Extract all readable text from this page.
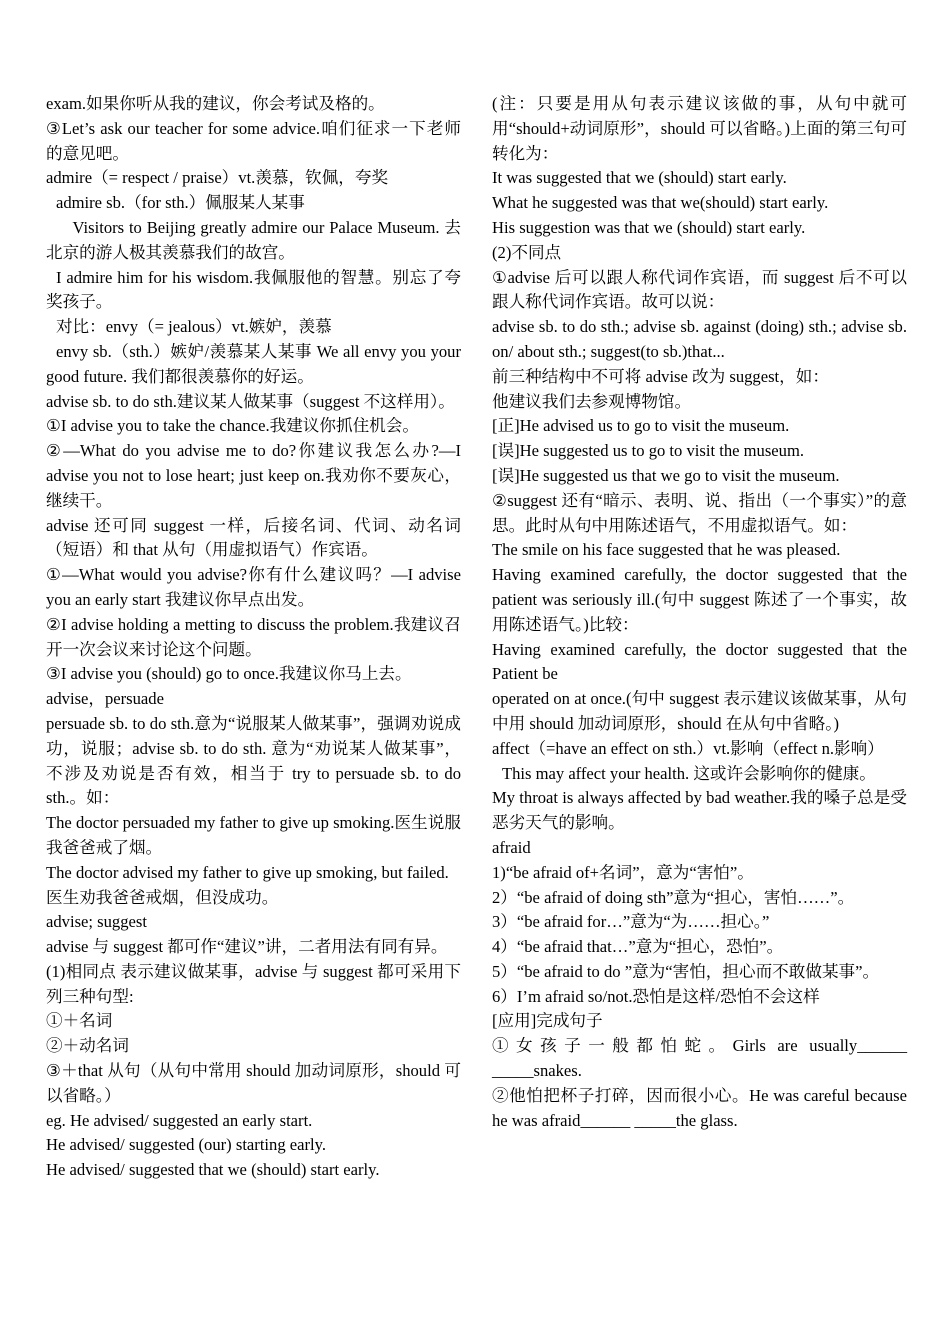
exam.如果你听从我的建议，你会考试及格的。

③Let’s ask our teacher for some advice.咱们征求一下老师的意见吧。

admire（= respect / praise）vt.羡慕，钦佩，夸奖

admire sb.（for sth.）佩服某人某事

Visitors to Beijing greatly admire our Palace Museum. 去北京的游人极其羡慕我们的故宫。

I admire him for his wisdom.我佩服他的智慧。别忘了夸奖孩子。

对比：envy（= jealous）vt.嫉妒，羡慕

envy sb.（sth.）嫉妒/羡慕某人某事 We all envy you your good future. 我们都很羡慕你的好运。

advise sb. to do sth.建议某人做某事（suggest 不这样用）。

①I advise you to take the chance.我建议你抓住机会。

②—What do you advise me to do?你建议我怎么办?—I advise you not to lose heart; just keep on.我劝你不要灰心，继续干。

advise 还可同 suggest 一样，后接名词、代词、动名词（短语）和 that 从句（用虚拟语气）作宾语。

①—What would you advise?你有什么建议吗？—I advise you an early start 我建议你早点出发。

②I advise holding a metting to discuss the problem.我建议召开一次会议来讨论这个问题。

③I advise you (should) go to once.我建议你马上去。

advise，persuade

persuade sb. to do sth.意为“说服某人做某事”，强调劝说成功，说服；advise sb. to do sth. 意为“劝说某人做某事”，不涉及劝说是否有效，相当于 try to persuade sb. to do sth.。如：

The doctor persuaded my father to give up smoking.医生说服我爸爸戒了烟。

The doctor advised my father to give up smoking, but failed.

医生劝我爸爸戒烟，但没成功。

advise; suggest

advise 与 suggest 都可作“建议”讲，二者用法有同有异。

(1)相同点 表示建议做某事，advise 与 suggest 都可采用下列三种句型:

①＋名词

②＋动名词

③＋that 从句（从句中常用 should 加动词原形，should 可以省略。）

eg. He advised/ suggested an early start.

He advised/ suggested (our) starting early.

He advised/ suggested that we (should) start early.

(注：只要是用从句表示建议该做的事，从句中就可用“should+动词原形”，should 可以省略。)上面的第三句可转化为：

It was suggested that we (should) start early.

What he suggested was that we(should) start early.

His suggestion was that we (should) start early.

(2)不同点

①advise 后可以跟人称代词作宾语，而 suggest 后不可以跟人称代词作宾语。故可以说：

advise sb. to do sth.; advise sb. against (doing) sth.; advise sb. on/ about sth.; suggest(to sb.)that...

前三种结构中不可将 advise 改为 suggest，如：

他建议我们去参观博物馆。

[正]He advised us to go to visit the museum.

[误]He suggested us to go to visit the museum.

[误]He suggested us that we go to visit the museum.

②suggest 还有“暗示、表明、说、指出（一个事实）”的意思。此时从句中用陈述语气，不用虚拟语气。如：

The smile on his face suggested that he was pleased.

Having examined carefully, the doctor suggested that the patient was seriously ill.(句中 suggest 陈述了一个事实，故用陈述语气。)比较：

Having examined carefully, the doctor suggested that the Patient be

operated on at once.(句中 suggest 表示建议该做某事，从句中用 should 加动词原形，should 在从句中省略。)

affect（=have an effect on sth.）vt.影响（effect n.影响）

This may affect your health. 这或许会影响你的健康。

My throat is always affected by bad weather.我的嗓子总是受恶劣天气的影响。

afraid

1)“be afraid of+名词”，意为“害怕”。

2）“be afraid of doing sth”意为“担心，害怕……”。

3）“be afraid for…”意为“为……担心。”

4）“be afraid that…”意为“担心，恐怕”。

5）“be afraid to do ”意为“害怕，担心而不敢做某事”。

6）I’m afraid so/not.恐怕是这样/恐怕不会这样

[应用]完成句子

①女孩子一般都怕蛇。Girls are usually______ _____snakes.

②他怕把杯子打碎，因而很小心。He was careful because he was afraid______ _____the glass.
